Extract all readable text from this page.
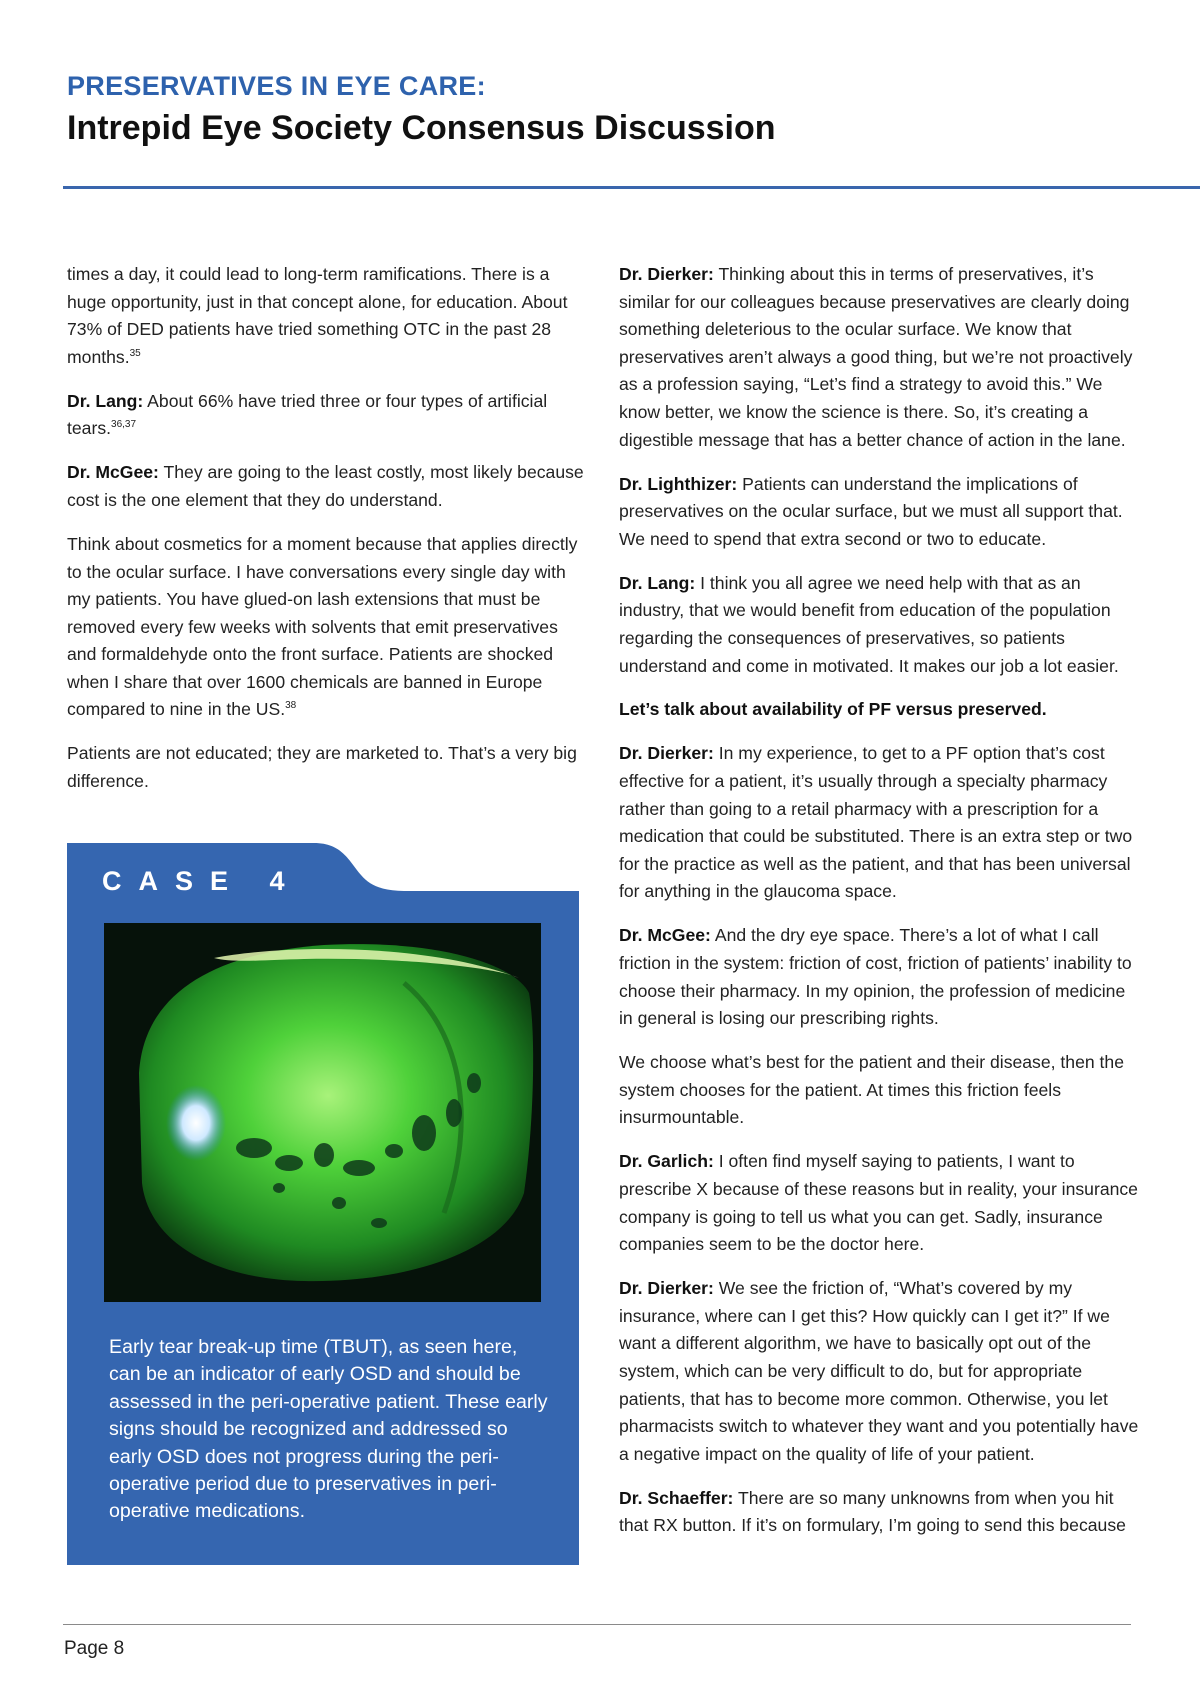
PRESERVATIVES IN EYE CARE:
Intrepid Eye Society Consensus Discussion

times a day, it could lead to long-term ramifications. There is a huge opportunity, just in that concept alone, for education. About 73% of DED patients have tried something OTC in the past 28 months.$^{35}$

Dr. Lang: About 66% have tried three or four types of artificial tears.$^{36,37}$

Dr. McGee: They are going to the least costly, most likely because cost is the one element that they do understand.

Think about cosmetics for a moment because that applies directly to the ocular surface. I have conversations every single day with my patients. You have glued-on lash extensions that must be removed every few weeks with solvents that emit preservatives and formaldehyde onto the front surface. Patients are shocked when I share that over 1600 chemicals are banned in Europe compared to nine in the US.$^{38}$

Patients are not educated; they are marketed to. That’s a very big difference.

CASE 4
Early tear break-up time (TBUT), as seen here, can be an indicator of early OSD and should be assessed in the peri-operative patient. These early signs should be recognized and addressed so early OSD does not progress during the peri-operative period due to preservatives in peri-operative medications.

Dr. Dierker: Thinking about this in terms of preservatives, it’s similar for our colleagues because preservatives are clearly doing something deleterious to the ocular surface. We know that preservatives aren’t always a good thing, but we’re not proactively as a profession saying, “Let’s find a strategy to avoid this.” We know better, we know the science is there. So, it’s creating a digestible message that has a better chance of action in the lane.

Dr. Lighthizer: Patients can understand the implications of preservatives on the ocular surface, but we must all support that. We need to spend that extra second or two to educate.

Dr. Lang: I think you all agree we need help with that as an industry, that we would benefit from education of the population regarding the consequences of preservatives, so patients understand and come in motivated. It makes our job a lot easier.

Let’s talk about availability of PF versus preserved.

Dr. Dierker: In my experience, to get to a PF option that’s cost effective for a patient, it’s usually through a specialty pharmacy rather than going to a retail pharmacy with a prescription for a medication that could be substituted. There is an extra step or two for the practice as well as the patient, and that has been universal for anything in the glaucoma space.

Dr. McGee: And the dry eye space. There’s a lot of what I call friction in the system: friction of cost, friction of patients’ inability to choose their pharmacy. In my opinion, the profession of medicine in general is losing our prescribing rights.

We choose what’s best for the patient and their disease, then the system chooses for the patient. At times this friction feels insurmountable.

Dr. Garlich: I often find myself saying to patients, I want to prescribe X because of these reasons but in reality, your insurance company is going to tell us what you can get. Sadly, insurance companies seem to be the doctor here.

Dr. Dierker: We see the friction of, “What’s covered by my insurance, where can I get this? How quickly can I get it?” If we want a different algorithm, we have to basically opt out of the system, which can be very difficult to do, but for appropriate patients, that has to become more common. Otherwise, you let pharmacists switch to whatever they want and you potentially have a negative impact on the quality of life of your patient.

Dr. Schaeffer: There are so many unknowns from when you hit that RX button. If it’s on formulary, I’m going to send this because

Page 8
